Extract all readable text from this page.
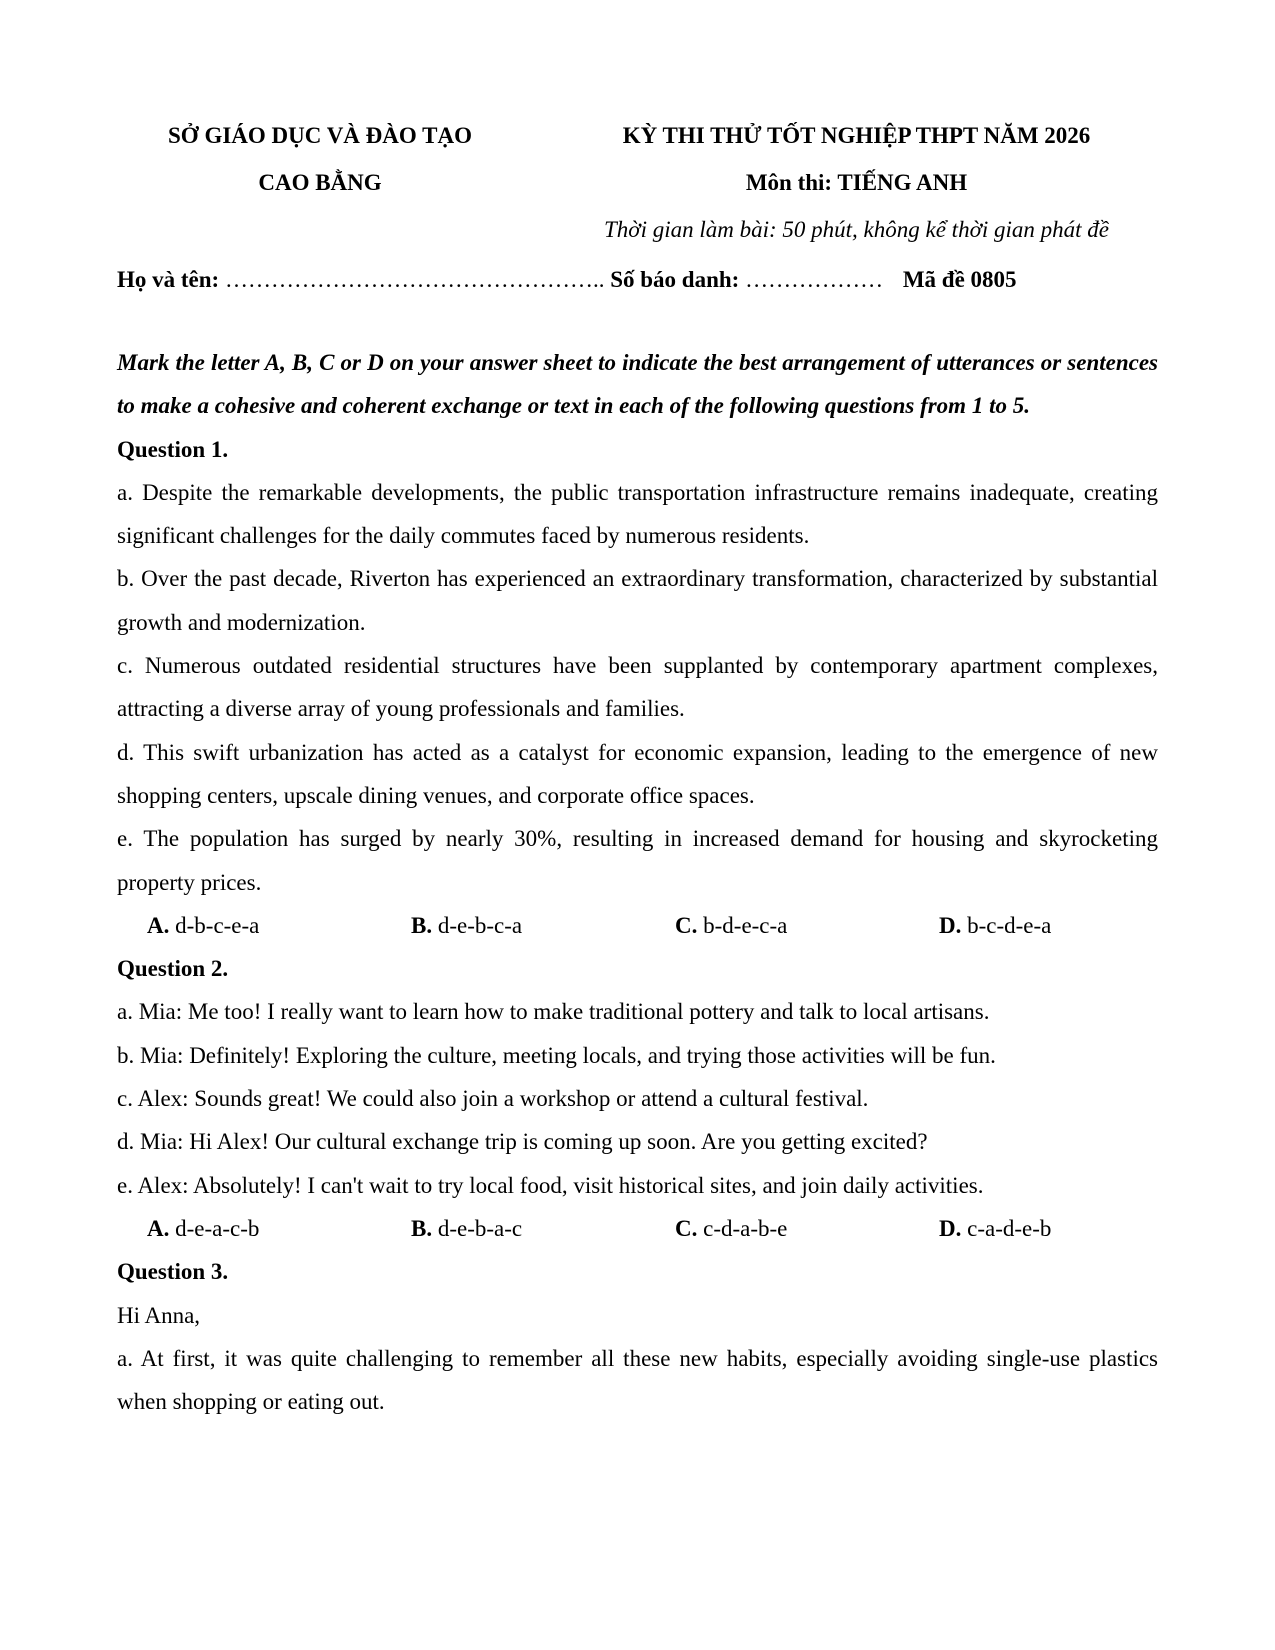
SỞ GIÁO DỤC VÀ ĐÀO TẠO	KỲ THI THỬ TỐT NGHIỆP THPT NĂM 2026
CAO BẰNG	Môn thi: TIẾNG ANH
Thời gian làm bài: 50 phút, không kể thời gian phát đề
Họ và tên: ………………………………………….. Số báo danh: ……………… Mã đề 0805
Mark the letter A, B, C or D on your answer sheet to indicate the best arrangement of utterances or sentences to make a cohesive and coherent exchange or text in each of the following questions from 1 to 5.
Question 1.
a. Despite the remarkable developments, the public transportation infrastructure remains inadequate, creating significant challenges for the daily commutes faced by numerous residents.
b. Over the past decade, Riverton has experienced an extraordinary transformation, characterized by substantial growth and modernization.
c. Numerous outdated residential structures have been supplanted by contemporary apartment complexes, attracting a diverse array of young professionals and families.
d. This swift urbanization has acted as a catalyst for economic expansion, leading to the emergence of new shopping centers, upscale dining venues, and corporate office spaces.
e. The population has surged by nearly 30%, resulting in increased demand for housing and skyrocketing property prices.
A. d-b-c-e-a	B. d-e-b-c-a	C. b-d-e-c-a	D. b-c-d-e-a
Question 2.
a. Mia: Me too! I really want to learn how to make traditional pottery and talk to local artisans.
b. Mia: Definitely! Exploring the culture, meeting locals, and trying those activities will be fun.
c. Alex: Sounds great! We could also join a workshop or attend a cultural festival.
d. Mia: Hi Alex! Our cultural exchange trip is coming up soon. Are you getting excited?
e. Alex: Absolutely! I can't wait to try local food, visit historical sites, and join daily activities.
A. d-e-a-c-b	B. d-e-b-a-c	C. c-d-a-b-e	D. c-a-d-e-b
Question 3.
Hi Anna,
a. At first, it was quite challenging to remember all these new habits, especially avoiding single-use plastics when shopping or eating out.
